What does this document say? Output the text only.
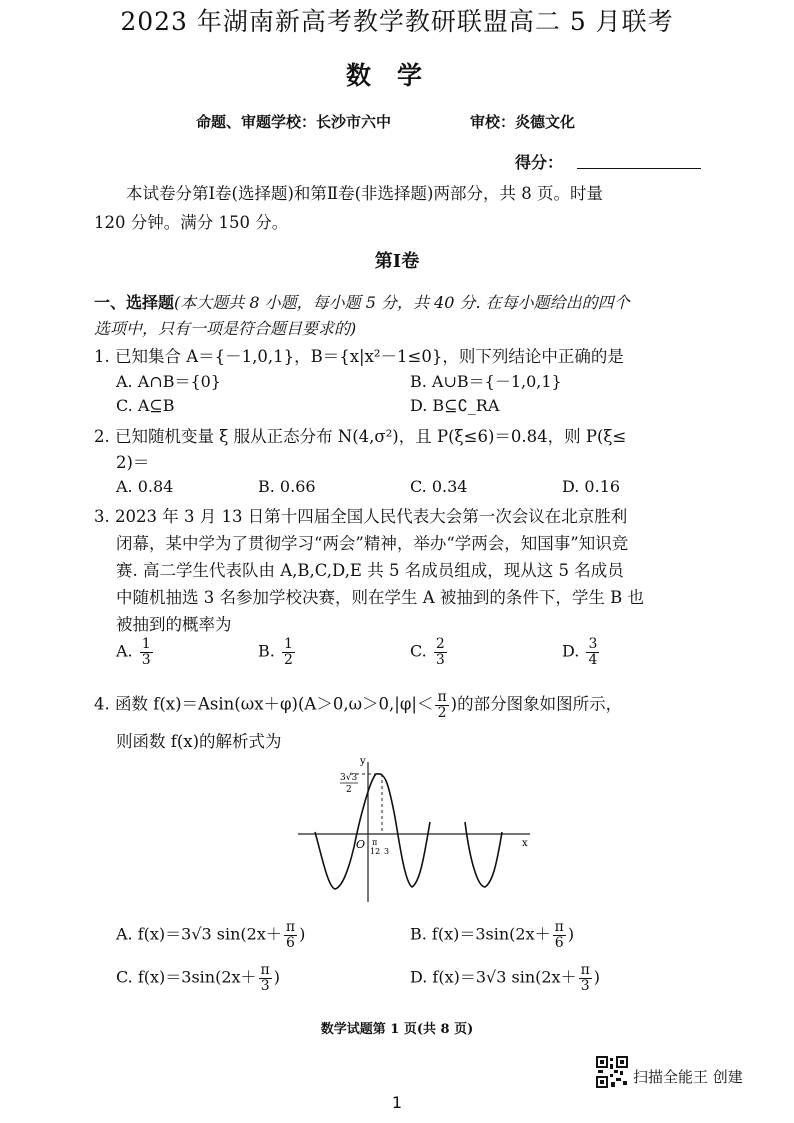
2023 年湖南新高考教学教研联盟高二 5 月联考
数学
命题、审题学校：长沙市六中	审校：炎德文化
得分：
本试卷分第Ⅰ卷(选择题)和第Ⅱ卷(非选择题)两部分，共 8 页。时量
120 分钟。满分 150 分。
第Ⅰ卷
一、选择题(本大题共 8 小题，每小题 5 分，共 40 分. 在每小题给出的四个
选项中，只有一项是符合题目要求的)
1. 已知集合 A＝{－1,0,1}，B＝{x|x²－1≤0}，则下列结论中正确的是
A. A∩B＝{0}	B. A∪B＝{－1,0,1}
C. A⊆B	D. B⊆∁_RA
2. 已知随机变量 ξ 服从正态分布 N(4,σ²)，且 P(ξ≤6)＝0.84，则 P(ξ≤
2)＝
A. 0.84	B. 0.66	C. 0.34	D. 0.16
3. 2023 年 3 月 13 日第十四届全国人民代表大会第一次会议在北京胜利
闭幕，某中学为了贯彻学习“两会”精神，举办“学两会，知国事”知识竞
赛. 高二学生代表队由 A,B,C,D,E 共 5 名成员组成，现从这 5 名成员
中随机抽选 3 名参加学校决赛，则在学生 A 被抽到的条件下，学生 B 也
被抽到的概率为
A. $\frac{1}{3}$	B. $\frac{1}{2}$	C. $\frac{2}{3}$	D. $\frac{3}{4}$
4. 函数 $f(x)=Asin(\omega x+\varphi)(A>0,\omega>0,|\varphi|< \frac{\pi}{2}$ )的部分图象如图所示，
则函数 f(x)的解析式为
y
x
3√3
2
O π
12 3
A. f(x)＝3√3 $\sin(2x+ \frac{\pi}{6}$ )	B. $f(x)=3\sin(2x+ \frac{\pi}{6}$ )
C. $f(x)=3\sin(2x+ \frac{\pi}{3}$ )	D. f(x)＝3√3 $\sin(2x+ \frac{\pi}{3}$ )
数学试题第 1 页(共 8 页)
扫描全能王 创建
1
